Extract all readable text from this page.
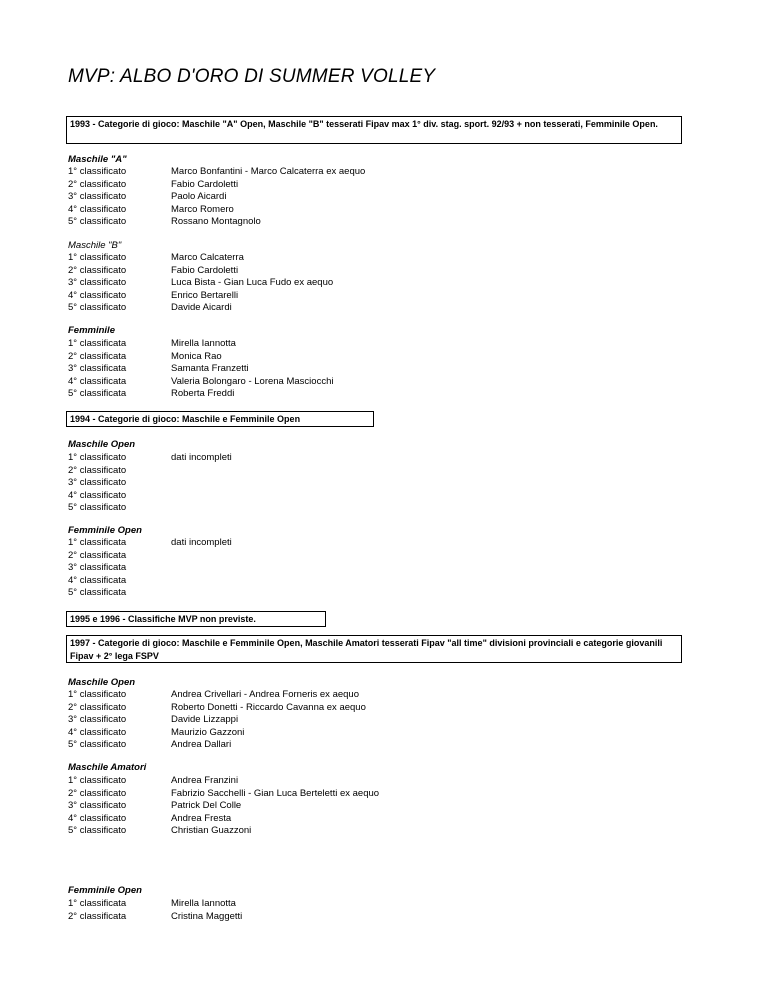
MVP: ALBO D'ORO DI SUMMER VOLLEY
1993 - Categorie di gioco: Maschile "A" Open, Maschile "B" tesserati Fipav max 1° div. stag. sport. 92/93 + non tesserati, Femminile Open.
Maschile "A"
1° classificato	Marco Bonfantini - Marco Calcaterra ex aequo
2° classificato	Fabio Cardoletti
3° classificato	Paolo Aicardi
4° classificato	Marco Romero
5° classificato	Rossano Montagnolo
Maschile "B"
1° classificato	Marco Calcaterra
2° classificato	Fabio Cardoletti
3° classificato	Luca Bista - Gian Luca Fudo ex aequo
4° classificato	Enrico Bertarelli
5° classificato	Davide Aicardi
Femminile
1° classificata	Mirella Iannotta
2° classificata	Monica Rao
3° classificata	Samanta Franzetti
4° classificata	Valeria Bolongaro - Lorena Masciocchi
5° classificata	Roberta Freddi
1994 - Categorie di gioco: Maschile e Femminile Open
Maschile Open
1° classificato	dati incompleti
2° classificato
3° classificato
4° classificato
5° classificato
Femminile Open
1° classificata	dati incompleti
2° classificata
3° classificata
4° classificata
5° classificata
1995 e 1996 - Classifiche MVP non previste.
1997 - Categorie di gioco: Maschile e Femminile Open, Maschile Amatori tesserati Fipav "all time" divisioni provinciali e categorie giovanili Fipav + 2° lega FSPV
Maschile Open
1° classificato	Andrea Crivellari - Andrea Forneris ex aequo
2° classificato	Roberto Donetti - Riccardo Cavanna ex aequo
3° classificato	Davide Lizzappi
4° classificato	Maurizio Gazzoni
5° classificato	Andrea Dallari
Maschile Amatori
1° classificato	Andrea Franzini
2° classificato	Fabrizio Sacchelli - Gian Luca Berteletti ex aequo
3° classificato	Patrick Del Colle
4° classificato	Andrea Fresta
5° classificato	Christian Guazzoni
Femminile Open
1° classificata	Mirella Iannotta
2° classificata	Cristina Maggetti
